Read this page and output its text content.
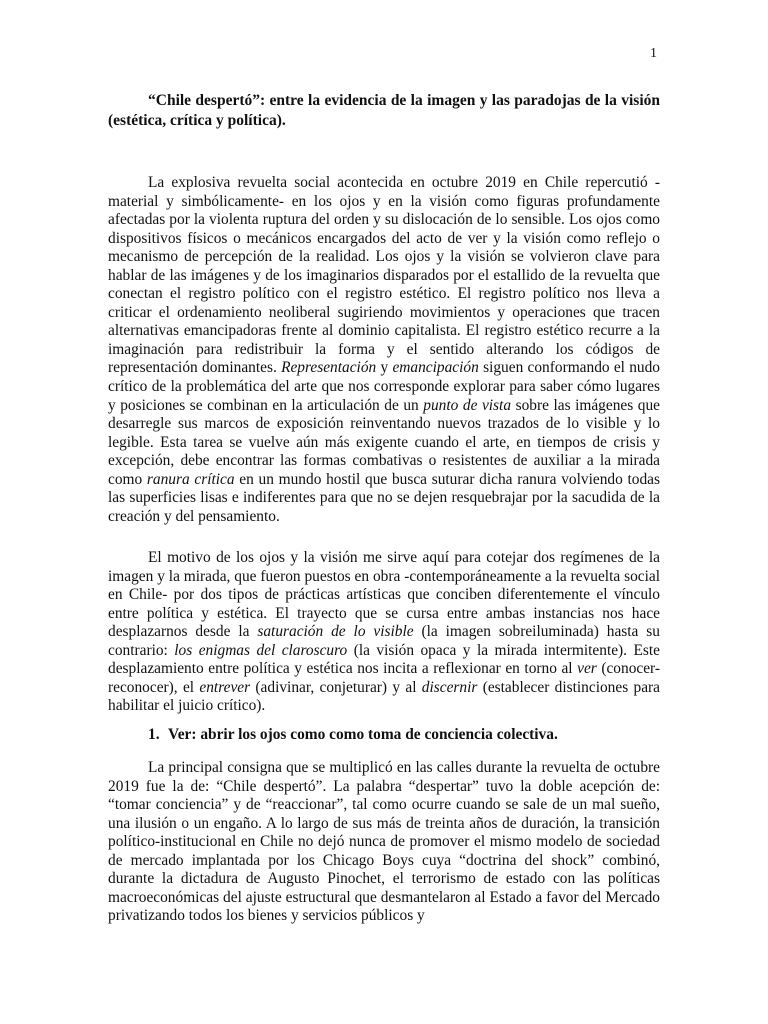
1

“Chile despertó”: entre la evidencia de la imagen y las paradojas de la visión (estética, crítica y política).

La explosiva revuelta social acontecida en octubre 2019 en Chile repercutió -material y simbólicamente- en los ojos y en la visión como figuras profundamente afectadas por la violenta ruptura del orden y su dislocación de lo sensible. Los ojos como dispositivos físicos o mecánicos encargados del acto de ver y la visión como reflejo o mecanismo de percepción de la realidad. Los ojos y la visión se volvieron clave para hablar de las imágenes y de los imaginarios disparados por el estallido de la revuelta que conectan el registro político con el registro estético. El registro político nos lleva a criticar el ordenamiento neoliberal sugiriendo movimientos y operaciones que tracen alternativas emancipadoras frente al dominio capitalista. El registro estético recurre a la imaginación para redistribuir la forma y el sentido alterando los códigos de representación dominantes. Representación y emancipación siguen conformando el nudo crítico de la problemática del arte que nos corresponde explorar para saber cómo lugares y posiciones se combinan en la articulación de un punto de vista sobre las imágenes que desarregle sus marcos de exposición reinventando nuevos trazados de lo visible y lo legible. Esta tarea se vuelve aún más exigente cuando el arte, en tiempos de crisis y excepción, debe encontrar las formas combativas o resistentes de auxiliar a la mirada como ranura crítica en un mundo hostil que busca suturar dicha ranura volviendo todas las superficies lisas e indiferentes para que no se dejen resquebrajar por la sacudida de la creación y del pensamiento.

El motivo de los ojos y la visión me sirve aquí para cotejar dos regímenes de la imagen y la mirada, que fueron puestos en obra -contemporáneamente a la revuelta social en Chile- por dos tipos de prácticas artísticas que conciben diferentemente el vínculo entre política y estética. El trayecto que se cursa entre ambas instancias nos hace desplazarnos desde la saturación de lo visible (la imagen sobreiluminada) hasta su contrario: los enigmas del claroscuro (la visión opaca y la mirada intermitente). Este desplazamiento entre política y estética nos incita a reflexionar en torno al ver (conocer-reconocer), el entrever (adivinar, conjeturar) y al discernir (establecer distinciones para habilitar el juicio crítico).

1. Ver: abrir los ojos como como toma de conciencia colectiva.

La principal consigna que se multiplicó en las calles durante la revuelta de octubre 2019 fue la de: “Chile despertó”. La palabra “despertar” tuvo la doble acepción de: “tomar conciencia” y de “reaccionar”, tal como ocurre cuando se sale de un mal sueño, una ilusión o un engaño. A lo largo de sus más de treinta años de duración, la transición político-institucional en Chile no dejó nunca de promover el mismo modelo de sociedad de mercado implantada por los Chicago Boys cuya “doctrina del shock” combinó, durante la dictadura de Augusto Pinochet, el terrorismo de estado con las políticas macroeconómicas del ajuste estructural que desmantelaron al Estado a favor del Mercado privatizando todos los bienes y servicios públicos y
